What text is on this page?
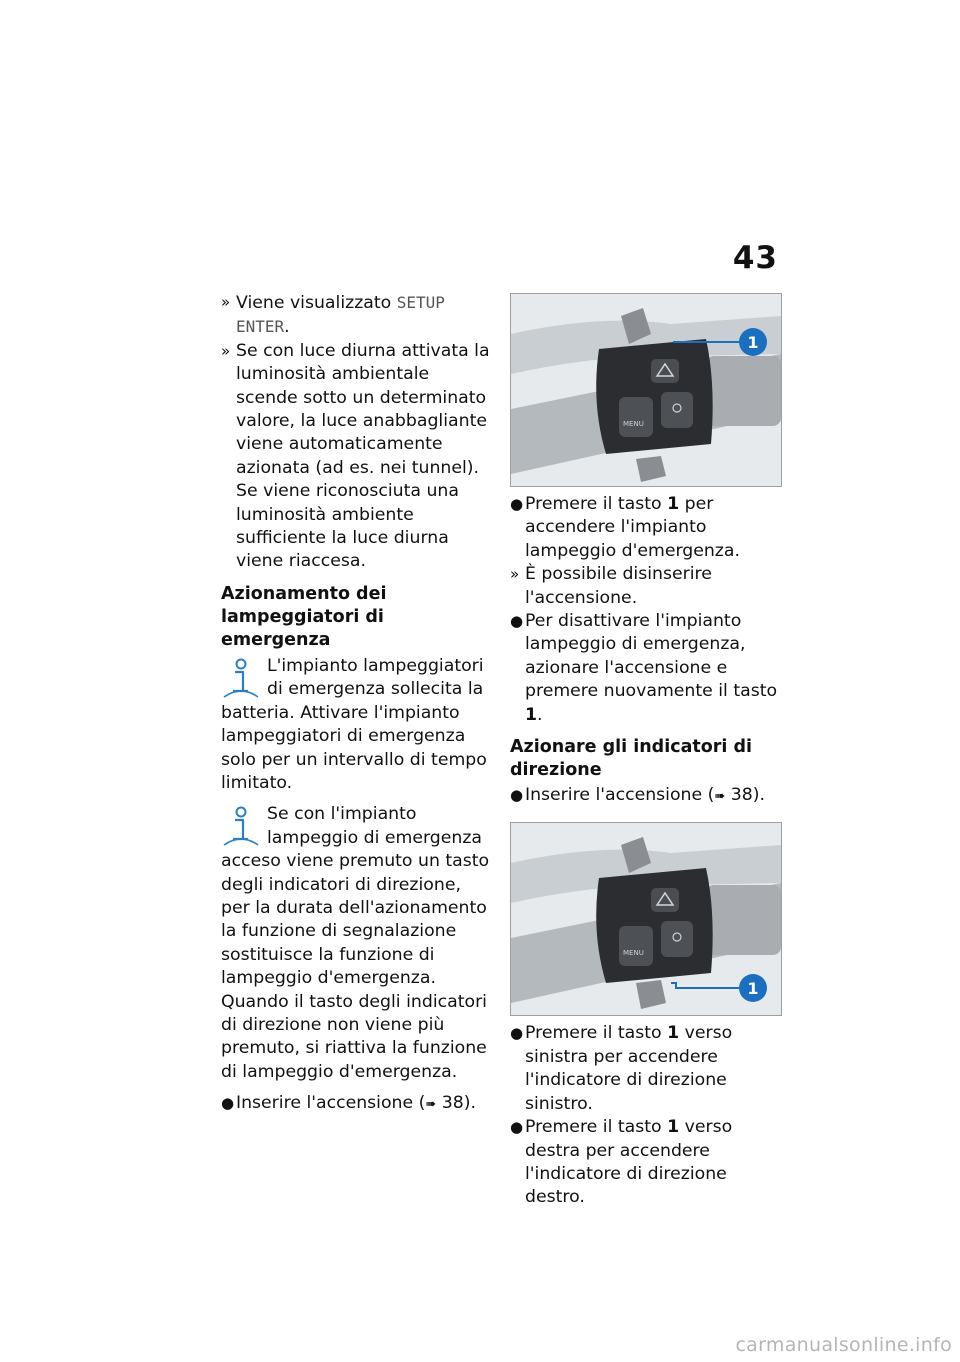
43
» Viene visualizzato SETUP ENTER.
» Se con luce diurna attivata la luminosità ambientale scende sotto un determinato valore, la luce anabbagliante viene automaticamente azionata (ad es. nei tunnel). Se viene riconosciuta una luminosità ambiente sufficiente la luce diurna viene riaccesa.
Azionamento dei lampeggiatori di emergenza
L'impianto lampeggiatori di emergenza sollecita la batteria. Attivare l'impianto lampeggiatori di emergenza solo per un intervallo di tempo limitato.
Se con l'impianto lampeggio di emergenza acceso viene premuto un tasto degli indicatori di direzione, per la durata dell'azionamento la funzione di segnalazione sostituisce la funzione di lampeggio d'emergenza. Quando il tasto degli indicatori di direzione non viene più premuto, si riattiva la funzione di lampeggio d'emergenza.
● Inserire l'accensione (➠ 38).
MENU
1
● Premere il tasto 1 per accendere l'impianto lampeggio d'emergenza.
» È possibile disinserire l'accensione.
● Per disattivare l'impianto lampeggio di emergenza, azionare l'accensione e premere nuovamente il tasto 1.
Azionare gli indicatori di direzione
● Inserire l'accensione (➠ 38).
MENU
1
● Premere il tasto 1 verso sinistra per accendere l'indicatore di direzione sinistro.
● Premere il tasto 1 verso destra per accendere l'indicatore di direzione destro.
carmanualsonline.info
